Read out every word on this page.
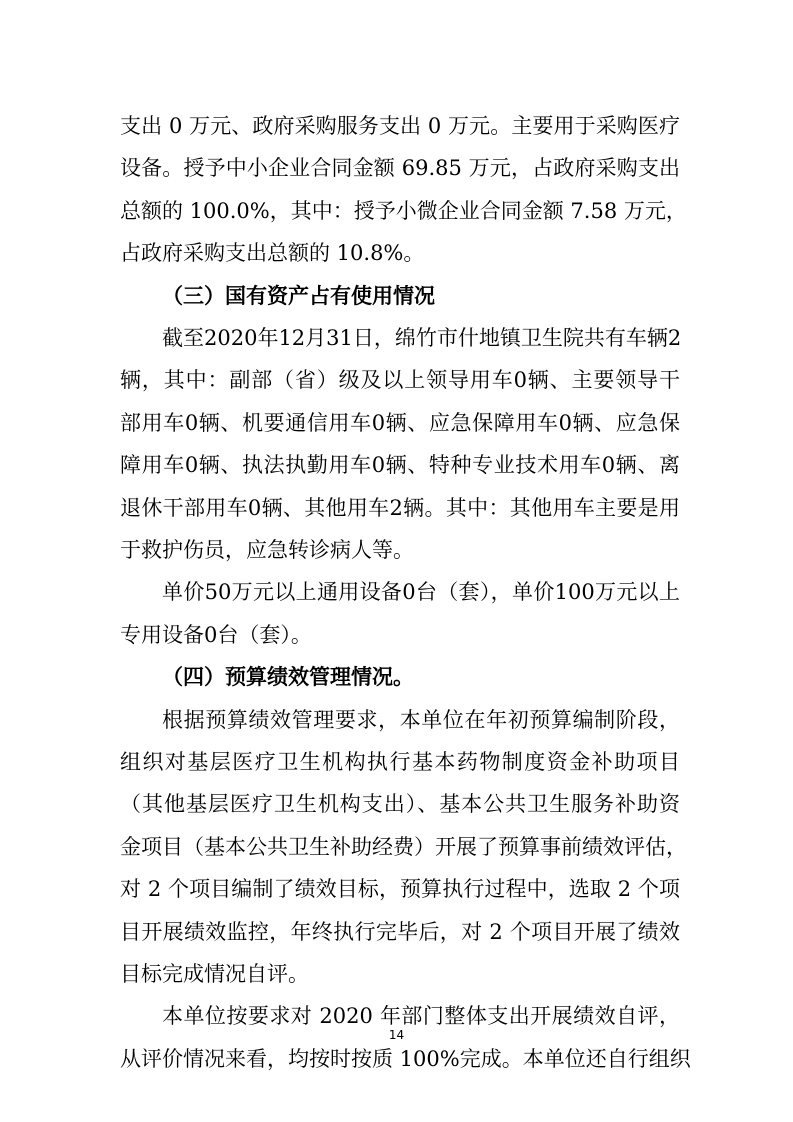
支出 0 万元、政府采购服务支出 0 万元。主要用于采购医疗
设备。授予中小企业合同金额 69.85 万元，占政府采购支出
总额的 100.0%，其中：授予小微企业合同金额 7.58 万元，
占政府采购支出总额的 10.8%。
（三）国有资产占有使用情况
截至2020年12月31日，绵竹市什地镇卫生院共有车辆2
辆，其中：副部（省）级及以上领导用车0辆、主要领导干
部用车0辆、机要通信用车0辆、应急保障用车0辆、应急保
障用车0辆、执法执勤用车0辆、特种专业技术用车0辆、离
退休干部用车0辆、其他用车2辆。其中：其他用车主要是用
于救护伤员，应急转诊病人等。
单价50万元以上通用设备0台（套），单价100万元以上
专用设备0台（套）。
（四）预算绩效管理情况。
根据预算绩效管理要求，本单位在年初预算编制阶段，
组织对基层医疗卫生机构执行基本药物制度资金补助项目
（其他基层医疗卫生机构支出）、基本公共卫生服务补助资
金项目（基本公共卫生补助经费）开展了预算事前绩效评估，
对 2 个项目编制了绩效目标，预算执行过程中，选取 2 个项
目开展绩效监控，年终执行完毕后，对 2 个项目开展了绩效
目标完成情况自评。
本单位按要求对 2020 年部门整体支出开展绩效自评，
从评价情况来看，均按时按质 100%完成。本单位还自行组织
14
